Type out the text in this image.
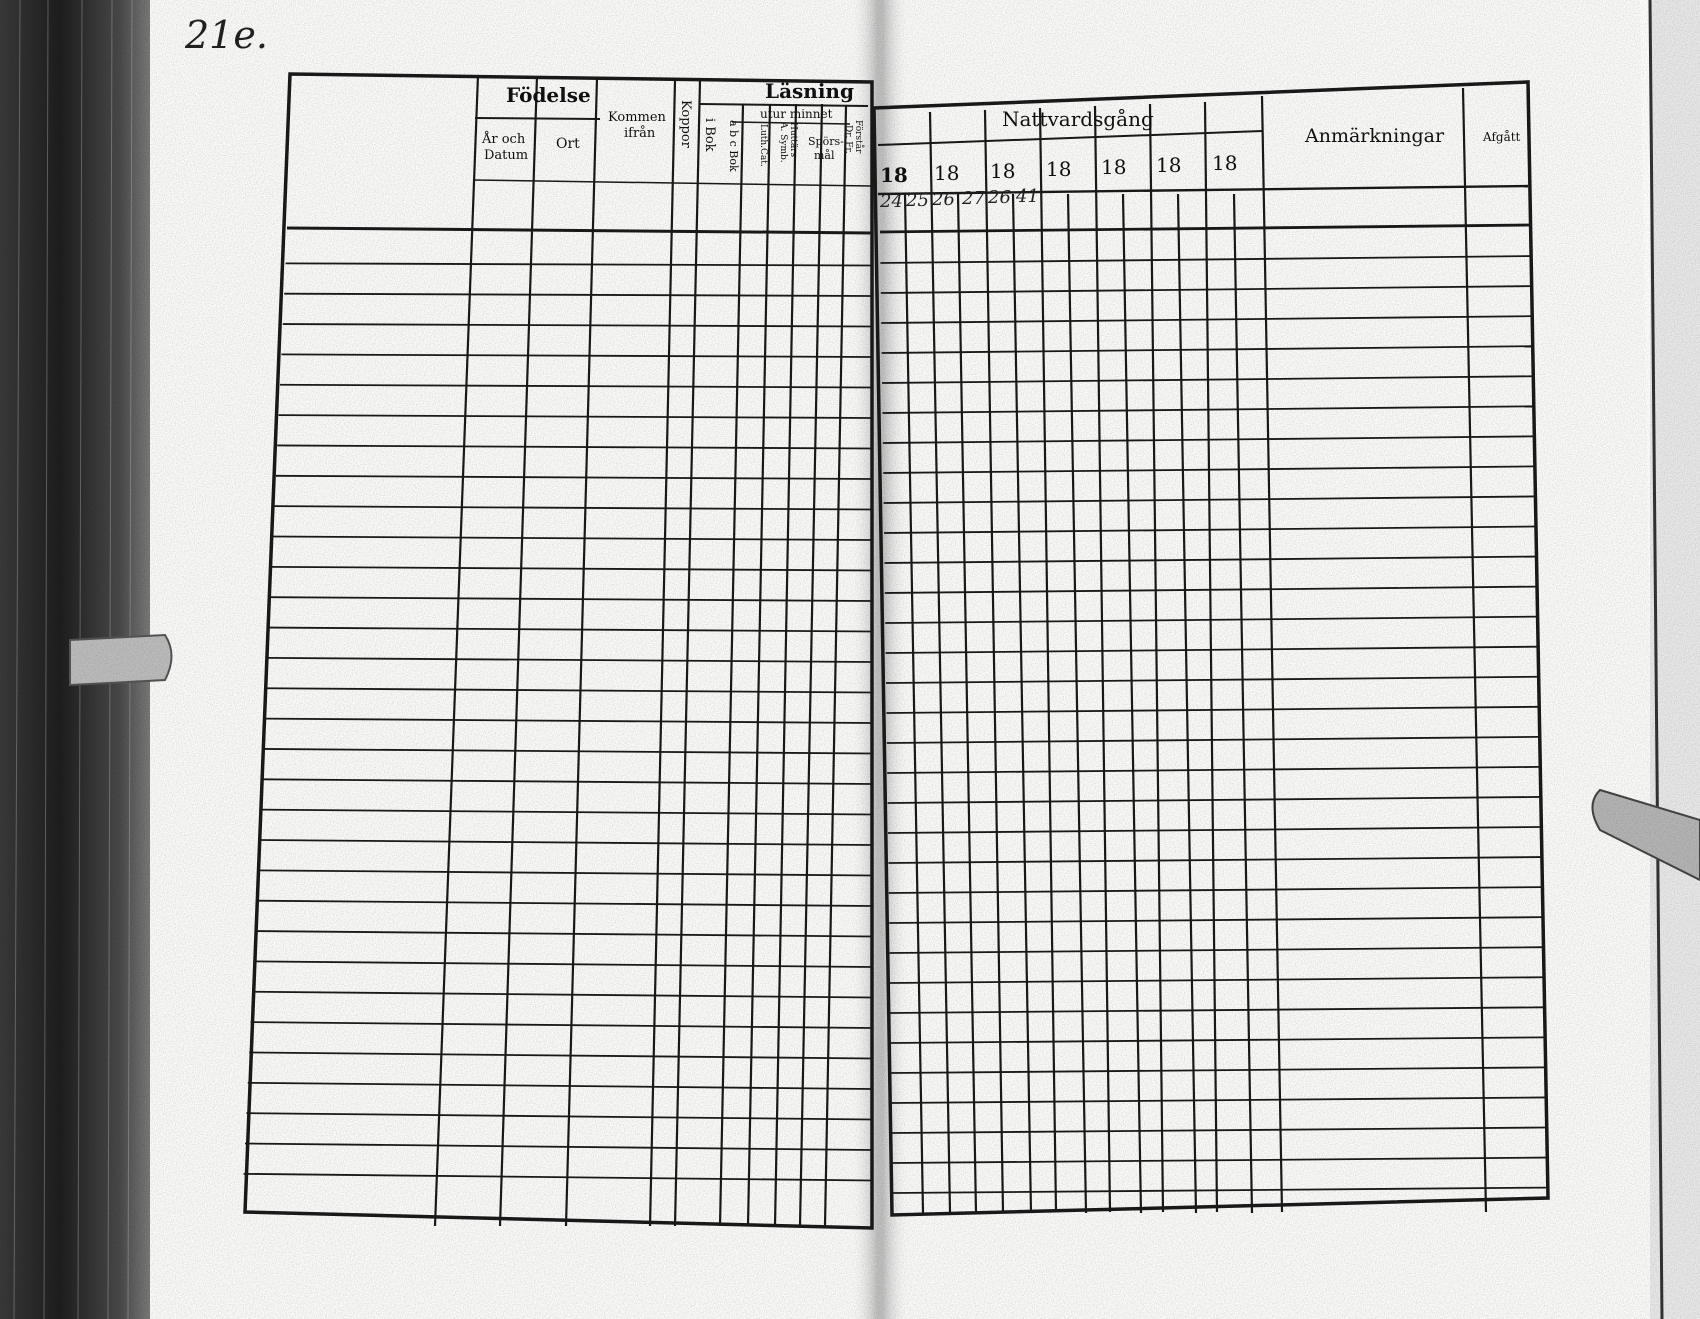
21e.
Födelse
År och
Datum
Ort
Kommen
ifrån Koppor
Läsning
utur minnet
i Bok a b c Bok Luth.Cat. A. Symb. Huttärs Spörs-
mål
Förstår
Dr. Fr.
Nattvardsgång
Anmärkningar	Afgått
18 18 18 18 18 18 18
24 25 26 27 26 41
